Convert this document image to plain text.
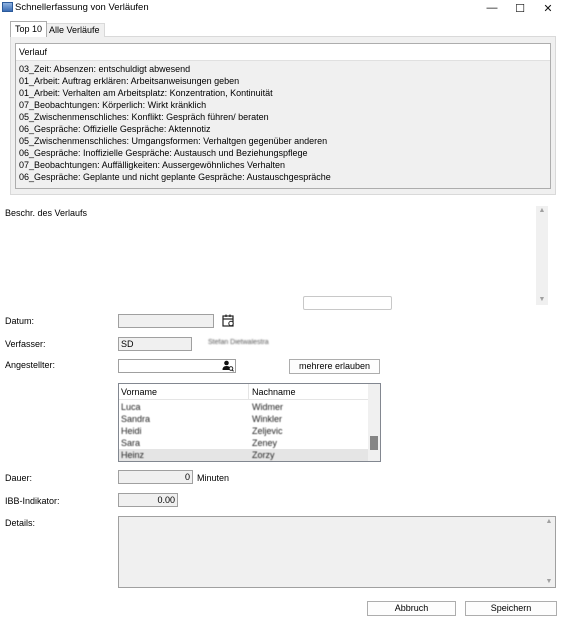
Schnellerfassung von Verläufen	—	☐	✕
Top 10 Alle Verläufe
Verlauf
03_Zeit: Absenzen: entschuldigt abwesend
01_Arbeit: Auftrag erklären: Arbeitsanweisungen geben
01_Arbeit: Verhalten am Arbeitsplatz: Konzentration, Kontinuität
07_Beobachtungen: Körperlich: Wirkt kränklich
05_Zwischenmenschliches: Konflikt: Gespräch führen/ beraten
06_Gespräche: Offizielle Gespräche: Aktennotiz
05_Zwischenmenschliches: Umgangsformen: Verhaltgen gegenüber anderen
06_Gespräche: Inoffizielle Gespräche: Austausch und Beziehungspflege
07_Beobachtungen: Auffälligkeiten: Aussergewöhnliches Verhalten
06_Gespräche: Geplante und nicht geplante Gespräche: Austauschgespräche
Beschr. des Verlaufs	▲
▼
Datum:
Verfasser:	SD	Stefan Dietwalestra
Angestellter:	mehrere erlauben
Vorname	Nachname
Luca	Widmer
Sandra	Winkler
Heidi	Zeljevic
Sara	Zeney
Heinz	Zorzy
Dauer:	0 Minuten
IBB-Indikator:	0.00
Details:	▲
▼
Abbruch	Speichern
